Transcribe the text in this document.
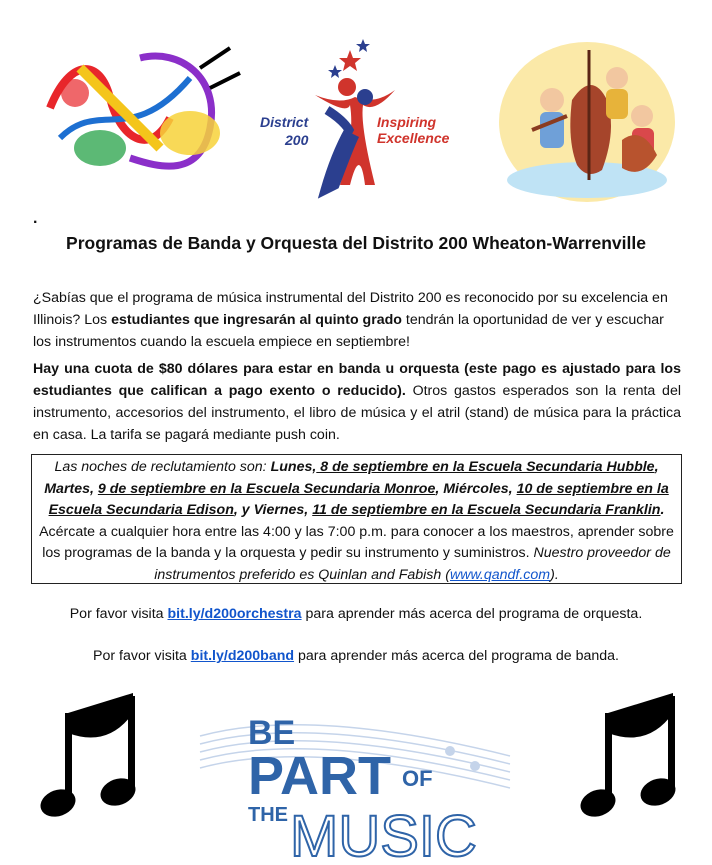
District
200
Inspiring
Excellence
.
Programas de Banda y Orquesta del Distrito 200 Wheaton-Warrenville
¿Sabías que el programa de música instrumental del Distrito 200 es reconocido por su excelencia en Illinois? Los estudiantes que ingresarán al quinto grado tendrán la oportunidad de ver y escuchar los instrumentos cuando la escuela empiece en septiembre!
Hay una cuota de $80 dólares para estar en banda u orquesta (este pago es ajustado para los estudiantes que califican a pago exento o reducido). Otros gastos esperados son la renta del instrumento, accesorios del instrumento, el libro de música y el atril (stand) de música para la práctica en casa. La tarifa se pagará mediante push coin.
Las noches de reclutamiento son: Lunes, 8 de septiembre en la Escuela Secundaria Hubble, Martes, 9 de septiembre en la Escuela Secundaria Monroe, Miércoles, 10 de septiembre en la Escuela Secundaria Edison, y Viernes, 11 de septiembre en la Escuela Secundaria Franklin. Acércate a cualquier hora entre las 4:00 y las 7:00 p.m. para conocer a los maestros, aprender sobre los programas de la banda y la orquesta y pedir su instrumento y suministros. Nuestro proveedor de instrumentos preferido es Quinlan and Fabish (www.qandf.com).
Por favor visita bit.ly/d200orchestra para aprender más acerca del programa de orquesta.
Por favor visita bit.ly/d200band para aprender más acerca del programa de banda.
BE
PART OF
THE MUSIC
